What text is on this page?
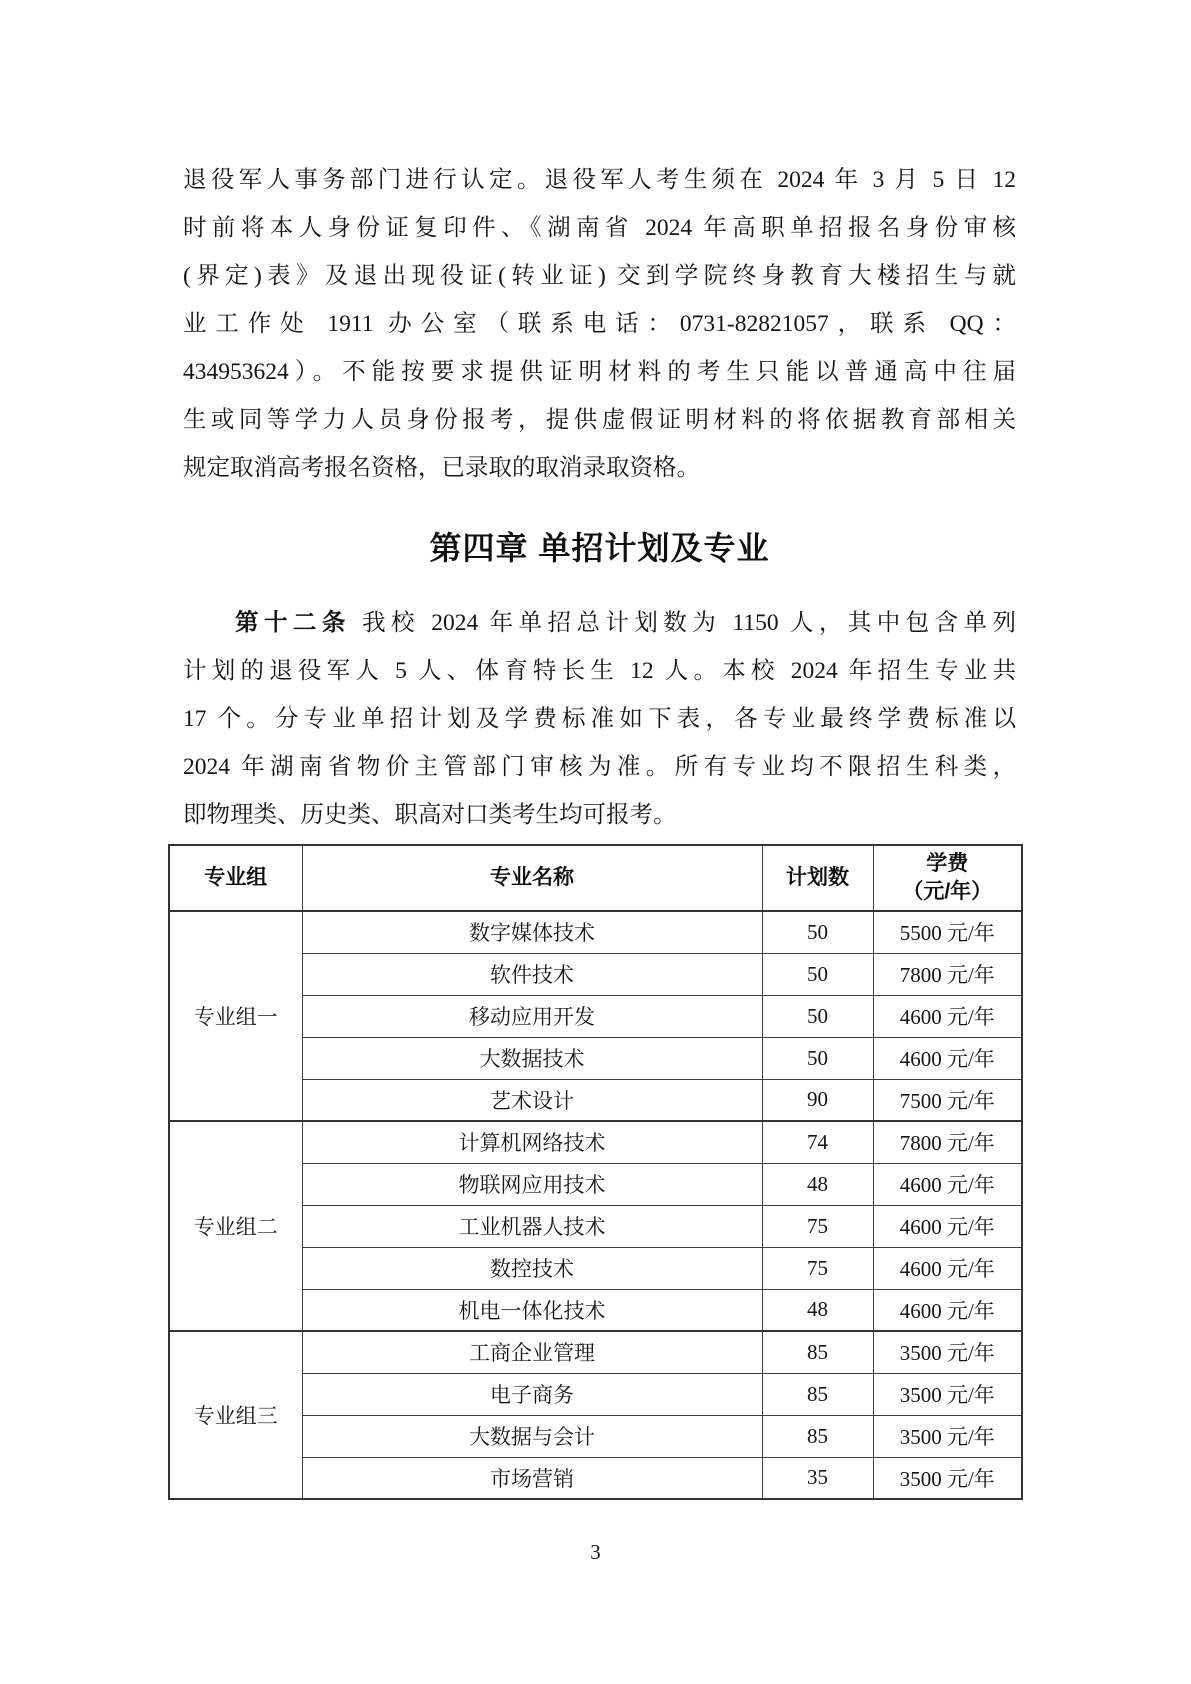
退役军人事务部门进行认定。退役军人考生须在 2024 年 3 月 5 日 12
时前将本人身份证复印件、《湖南省 2024 年高职单招报名身份审核
(界定)表》及退出现役证(转业证) 交到学院终身教育大楼招生与就
业工作处 1911 办公室（联系电话：0731-82821057，联系 QQ：
434953624）。不能按要求提供证明材料的考生只能以普通高中往届
生或同等学力人员身份报考，提供虚假证明材料的将依据教育部相关
规定取消高考报名资格，已录取的取消录取资格。
第四章 单招计划及专业
第十二条 我校 2024 年单招总计划数为 1150 人，其中包含单列
计划的退役军人 5 人、体育特长生 12 人。本校 2024 年招生专业共
17 个。分专业单招计划及学费标准如下表，各专业最终学费标准以
2024 年湖南省物价主管部门审核为准。所有专业均不限招生科类，
即物理类、历史类、职高对口类考生均可报考。
专业组	专业名称	计划数	学费
（元/年）

专业组一	数字媒体技术	50	5500 元/年
	软件技术	50	7800 元/年
	移动应用开发	50	4600 元/年
	大数据技术	50	4600 元/年
	艺术设计	90	7500 元/年
专业组二	计算机网络技术	74	7800 元/年
	物联网应用技术	48	4600 元/年
	工业机器人技术	75	4600 元/年
	数控技术	75	4600 元/年
	机电一体化技术	48	4600 元/年
专业组三	工商企业管理	85	3500 元/年
	电子商务	85	3500 元/年
	大数据与会计	85	3500 元/年
	市场营销	35	3500 元/年
3
